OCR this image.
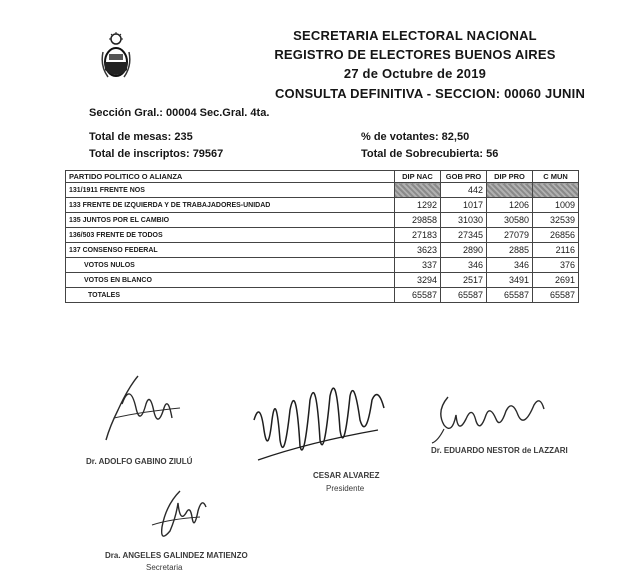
SECRETARIA ELECTORAL NACIONAL
REGISTRO DE ELECTORES BUENOS AIRES
27 de Octubre de 2019
CONSULTA DEFINITIVA - SECCION: 00060 JUNIN
Sección Gral.: 00004 Sec.Gral. 4ta.
Total de mesas: 235
Total de inscriptos: 79567
% de votantes: 82,50
Total de Sobrecubierta: 56
PARTIDO POLITICO O ALIANZA	DIP NAC	GOB PRO	DIP PRO	C MUN
131/1911 FRENTE NOS		442		
133 FRENTE DE IZQUIERDA Y DE TRABAJADORES-UNIDAD	1292	1017	1206	1009
135 JUNTOS POR EL CAMBIO	29858	31030	30580	32539
136/503 FRENTE DE TODOS	27183	27345	27079	26856
137 CONSENSO FEDERAL	3623	2890	2885	2116
VOTOS NULOS	337	346	346	376
VOTOS EN BLANCO	3294	2517	3491	2691
TOTALES	65587	65587	65587	65587
Dr. ADOLFO GABINO ZIULÚ
CESAR ALVAREZ
Presidente
Dr. EDUARDO NESTOR de LAZZARI
Dra. ANGELES GALINDEZ MATIENZO
Secretaria
